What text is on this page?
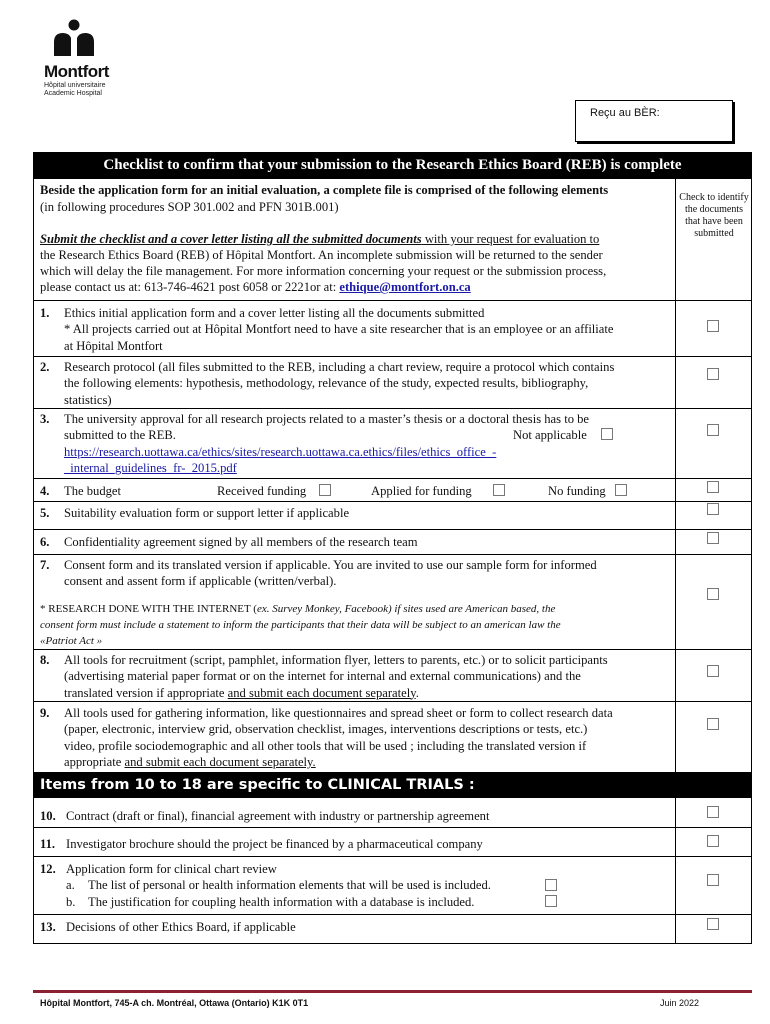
Montfort
Hôpital universitaire
Academic Hospital
Reçu au BÈR:
Checklist to confirm that your submission to the Research Ethics Board (REB) is complete
Beside the application form for an initial evaluation, a complete file is comprised of the following elements
(in following procedures SOP 301.002 and PFN 301B.001)
Submit the checklist and a cover letter listing all the submitted documents with your request for evaluation to
the Research Ethics Board (REB) of Hôpital Montfort. An incomplete submission will be returned to the sender
which will delay the file management. For more information concerning your request or the submission process,
please contact us at: 613-746-4621 post 6058 or 2221or at: ethique@montfort.on.ca
Check to identify the documents that have been submitted
1. Ethics initial application form and a cover letter listing all the documents submitted
* All projects carried out at Hôpital Montfort need to have a site researcher that is an employee or an affiliate
at Hôpital Montfort
2. Research protocol (all files submitted to the REB, including a chart review, require a protocol which contains
the following elements: hypothesis, methodology, relevance of the study, expected results, bibliography,
statistics)
3. The university approval for all research projects related to a master’s thesis or a doctoral thesis has to be
submitted to the REB.
https://research.uottawa.ca/ethics/sites/research.uottawa.ca.ethics/files/ethics_office_-
_internal_guidelines_fr-_2015.pdf
Not applicable
4. The budget	Received funding	Applied for funding	No funding
5. Suitability evaluation form or support letter if applicable
6. Confidentiality agreement signed by all members of the research team
7. Consent form and its translated version if applicable. You are invited to use our sample form for informed
consent and assent form if applicable (written/verbal).
* RESEARCH DONE WITH THE INTERNET (ex. Survey Monkey, Facebook) if sites used are American based, the
consent form must include a statement to inform the participants that their data will be subject to an american law the
«Patriot Act »
8. All tools for recruitment (script, pamphlet, information flyer, letters to parents, etc.) or to solicit participants
(advertising material paper format or on the internet for internal and external communications) and the
translated version if appropriate and submit each document separately.
9. All tools used for gathering information, like questionnaires and spread sheet or form to collect research data
(paper, electronic, interview grid, observation checklist, images, interventions descriptions or tests, etc.)
video, profile sociodemographic and all other tools that will be used ; including the translated version if
appropriate and submit each document separately.
Items from 10 to 18 are specific to CLINICAL TRIALS :
10. Contract (draft or final), financial agreement with industry or partnership agreement
11. Investigator brochure should the project be financed by a pharmaceutical company
12. Application form for clinical chart review
a. The list of personal or health information elements that will be used is included.
b. The justification for coupling health information with a database is included.
13. Decisions of other Ethics Board, if applicable
Hôpital Montfort, 745-A ch. Montréal, Ottawa (Ontario) K1K 0T1	Juin 2022
